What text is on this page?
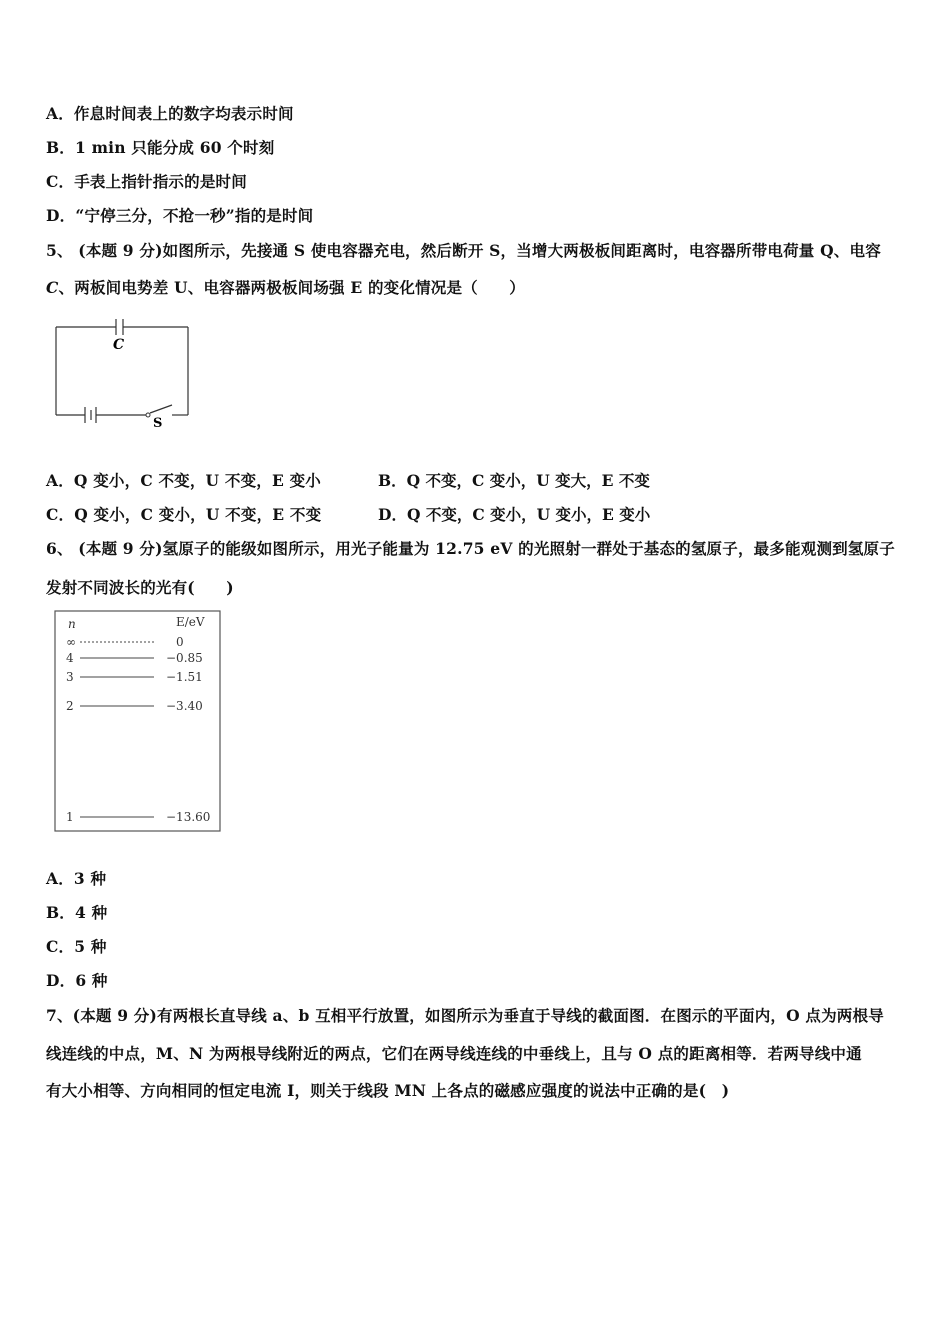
A．作息时间表上的数字均表示时间
B．1 min 只能分成 60 个时刻
C．手表上指针指示的是时间
D．“宁停三分，不抢一秒”指的是时间
5、 (本题 9 分)如图所示，先接通 S 使电容器充电，然后断开 S，当增大两极板间距离时，电容器所带电荷量 Q、电容
C、两板间电势差 U、电容器两极板间场强 E 的变化情况是（　　）
C
S
A．Q 变小，C 不变，U 不变，E 变小	B．Q 不变，C 变小，U 变大，E 不变
C．Q 变小，C 变小，U 不变，E 不变	D．Q 不变，C 变小，U 变小，E 变小
6、 (本题 9 分)氢原子的能级如图所示，用光子能量为 12.75 eV 的光照射一群处于基态的氢原子，最多能观测到氢原子
发射不同波长的光有(　　)
n	E/eV
∞	0
4	−0.85
3	−1.51
2	−3.40
1	−13.60
A．3 种
B．4 种
C．5 种
D．6 种
7、(本题 9 分)有两根长直导线 a、b 互相平行放置，如图所示为垂直于导线的截面图．在图示的平面内，O 点为两根导
线连线的中点，M、N 为两根导线附近的两点，它们在两导线连线的中垂线上，且与 O 点的距离相等．若两导线中通
有大小相等、方向相同的恒定电流 I，则关于线段 MN 上各点的磁感应强度的说法中正确的是(　)
